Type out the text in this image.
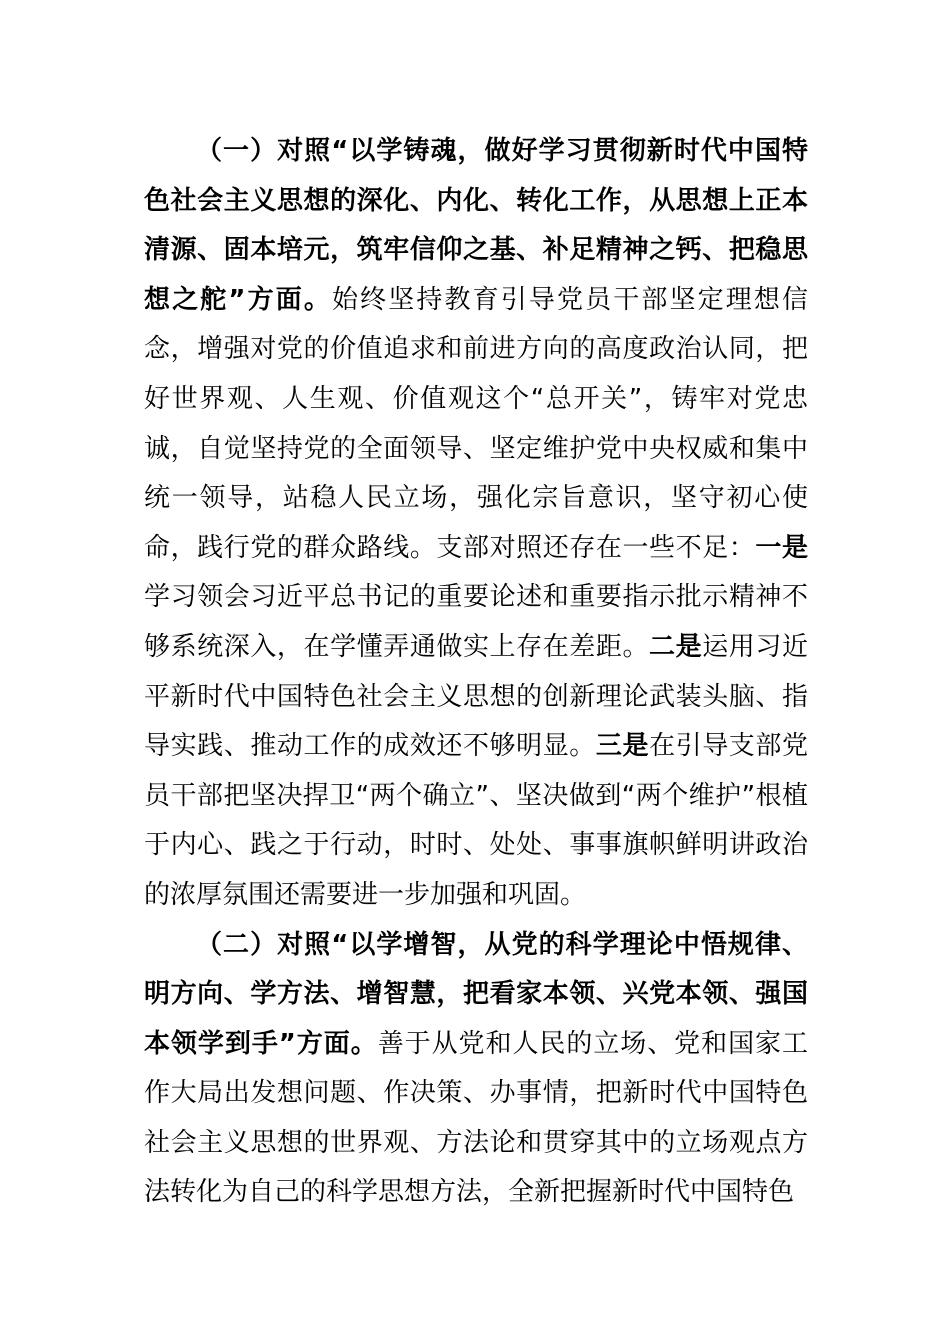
（一）对照“以学铸魂，做好学习贯彻新时代中国特色社会主义思想的深化、内化、转化工作，从思想上正本清源、固本培元，筑牢信仰之基、补足精神之钙、把稳思想之舵”方面。始终坚持教育引导党员干部坚定理想信念，增强对党的价值追求和前进方向的高度政治认同，把好世界观、人生观、价值观这个“总开关”，铸牢对党忠诚，自觉坚持党的全面领导、坚定维护党中央权威和集中统一领导，站稳人民立场，强化宗旨意识，坚守初心使命，践行党的群众路线。支部对照还存在一些不足：一是学习领会习近平总书记的重要论述和重要指示批示精神不够系统深入，在学懂弄通做实上存在差距。二是运用习近平新时代中国特色社会主义思想的创新理论武装头脑、指导实践、推动工作的成效还不够明显。三是在引导支部党员干部把坚决捍卫“两个确立”、坚决做到“两个维护”根植于内心、践之于行动，时时、处处、事事旗帜鲜明讲政治的浓厚氛围还需要进一步加强和巩固。

（二）对照“以学增智，从党的科学理论中悟规律、明方向、学方法、增智慧，把看家本领、兴党本领、强国本领学到手”方面。善于从党和人民的立场、党和国家工作大局出发想问题、作决策、办事情，把新时代中国特色社会主义思想的世界观、方法论和贯穿其中的立场观点方法转化为自己的科学思想方法，全新把握新时代中国特色
